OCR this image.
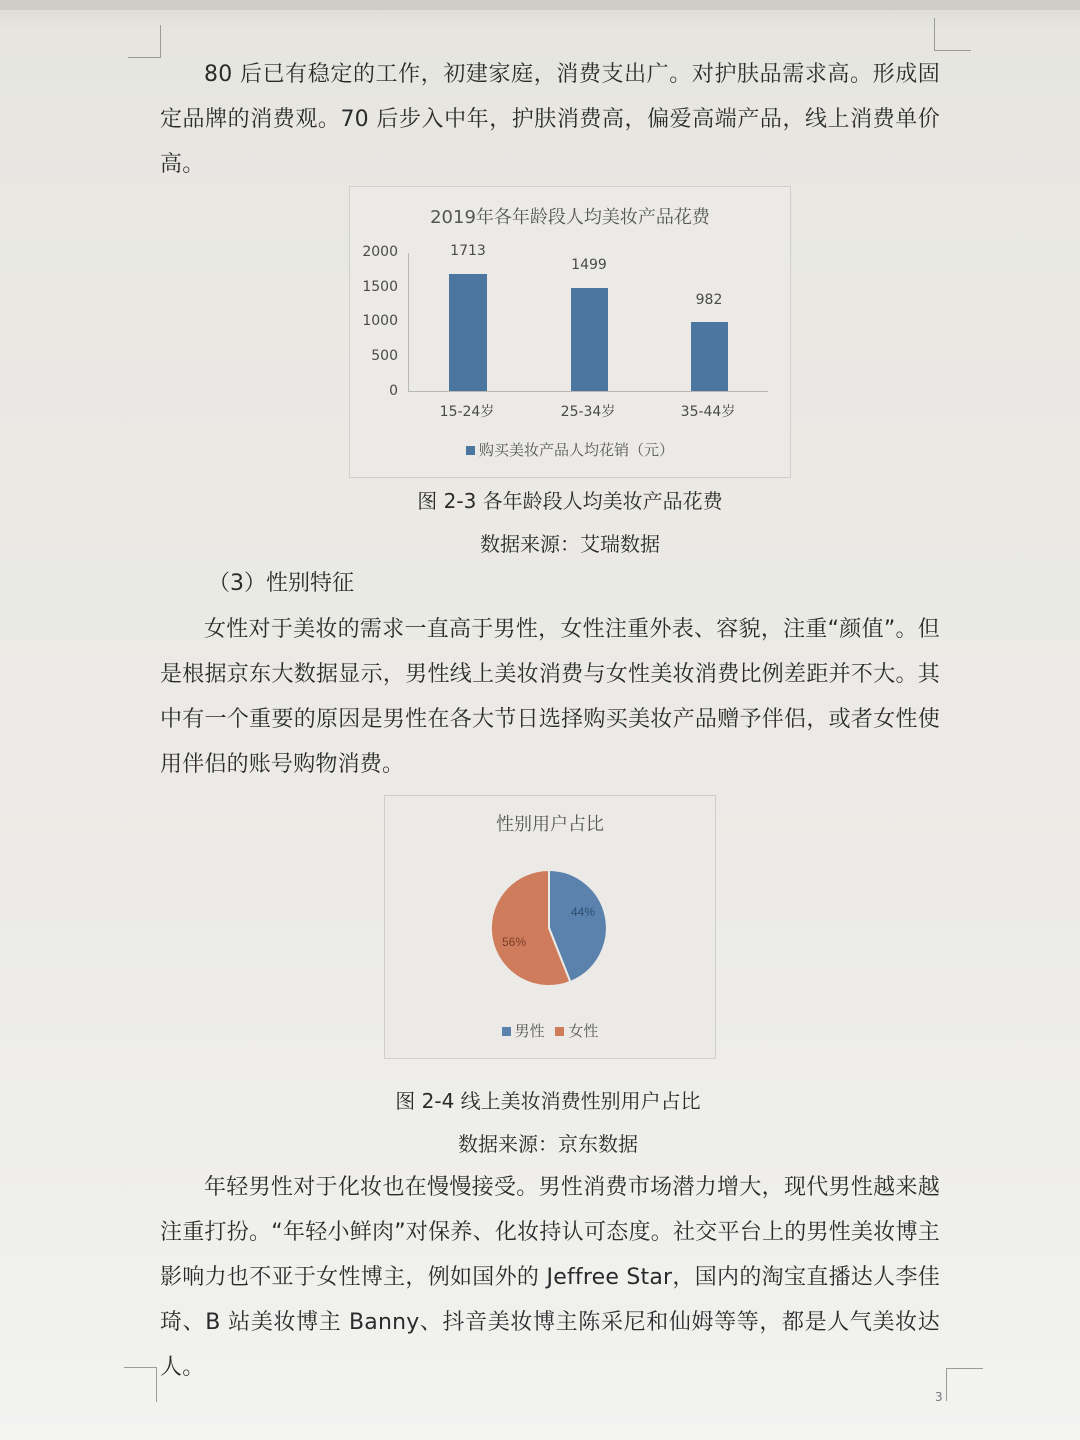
3

80 后已有稳定的工作，初建家庭，消费支出广。对护肤品需求高。形成固定品牌的消费观。70 后步入中年，护肤消费高，偏爱高端产品，线上消费单价高。

2019年各年龄段人均美妆产品花费
2000
1500
1000
500
0
1713
1499
982
15-24岁	25-34岁	35-44岁
购买美妆产品人均花销（元）
图 2-3 各年龄段人均美妆产品花费
数据来源：艾瑞数据
（3）性别特征

女性对于美妆的需求一直高于男性，女性注重外表、容貌，注重“颜值”。但是根据京东大数据显示，男性线上美妆消费与女性美妆消费比例差距并不大。其中有一个重要的原因是男性在各大节日选择购买美妆产品赠予伴侣，或者女性使用伴侣的账号购物消费。

性别用户占比
44%
56%
男性 女性
图 2-4 线上美妆消费性别用户占比
数据来源：京东数据

年轻男性对于化妆也在慢慢接受。男性消费市场潜力增大，现代男性越来越注重打扮。“年轻小鲜肉”对保养、化妆持认可态度。社交平台上的男性美妆博主影响力也不亚于女性博主，例如国外的 Jeffree Star，国内的淘宝直播达人李佳琦、B 站美妆博主 Banny、抖音美妆博主陈采尼和仙姆等等，都是人气美妆达人。
